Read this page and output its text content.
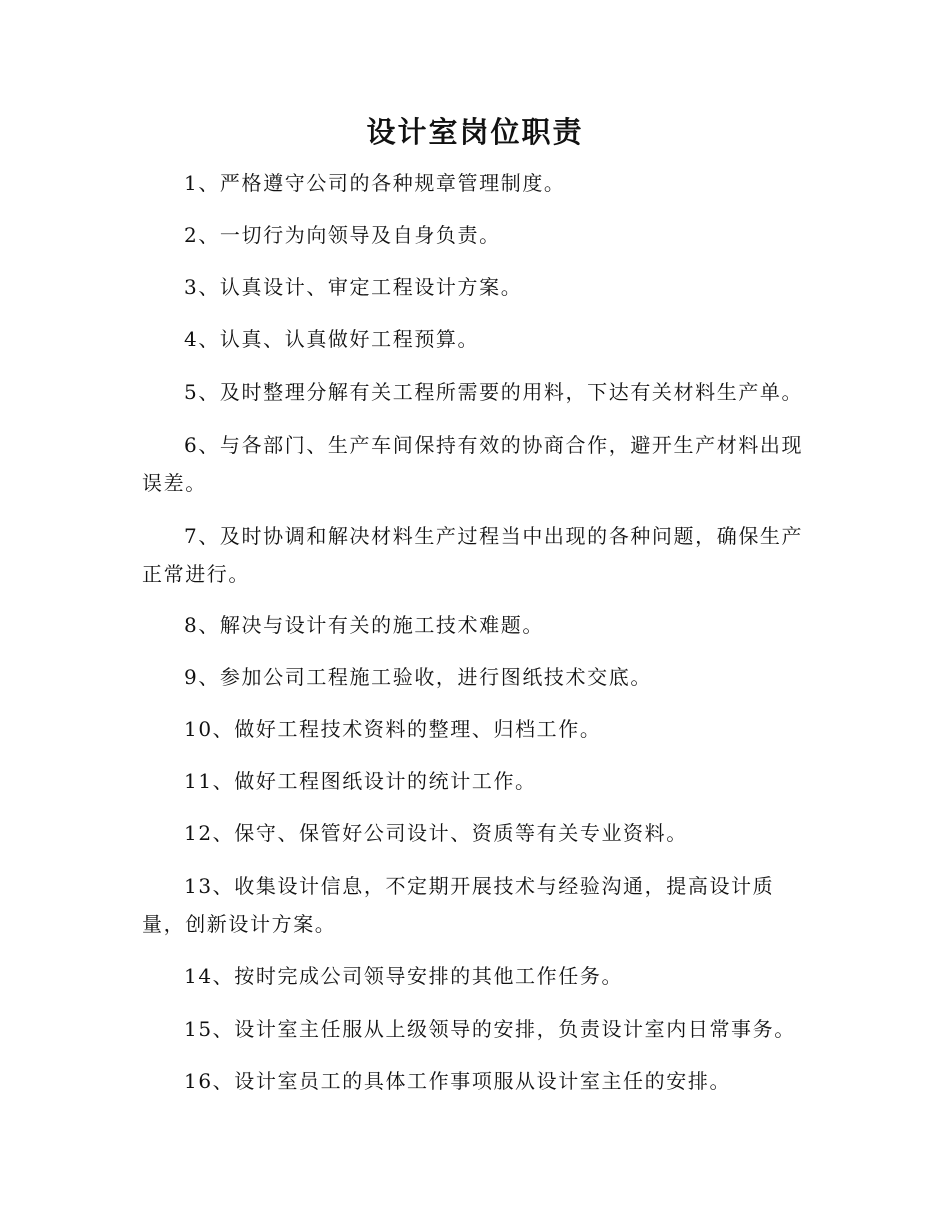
设计室岗位职责

1、严格遵守公司的各种规章管理制度。

2、一切行为向领导及自身负责。

3、认真设计、审定工程设计方案。

4、认真、认真做好工程预算。

5、及时整理分解有关工程所需要的用料，下达有关材料生产单。

6、与各部门、生产车间保持有效的协商合作，避开生产材料出现误差。

7、及时协调和解决材料生产过程当中出现的各种问题，确保生产正常进行。

8、解决与设计有关的施工技术难题。

9、参加公司工程施工验收，进行图纸技术交底。

10、做好工程技术资料的整理、归档工作。

11、做好工程图纸设计的统计工作。

12、保守、保管好公司设计、资质等有关专业资料。

13、收集设计信息，不定期开展技术与经验沟通，提高设计质量，创新设计方案。

14、按时完成公司领导安排的其他工作任务。

15、设计室主任服从上级领导的安排，负责设计室内日常事务。

16、设计室员工的具体工作事项服从设计室主任的安排。
